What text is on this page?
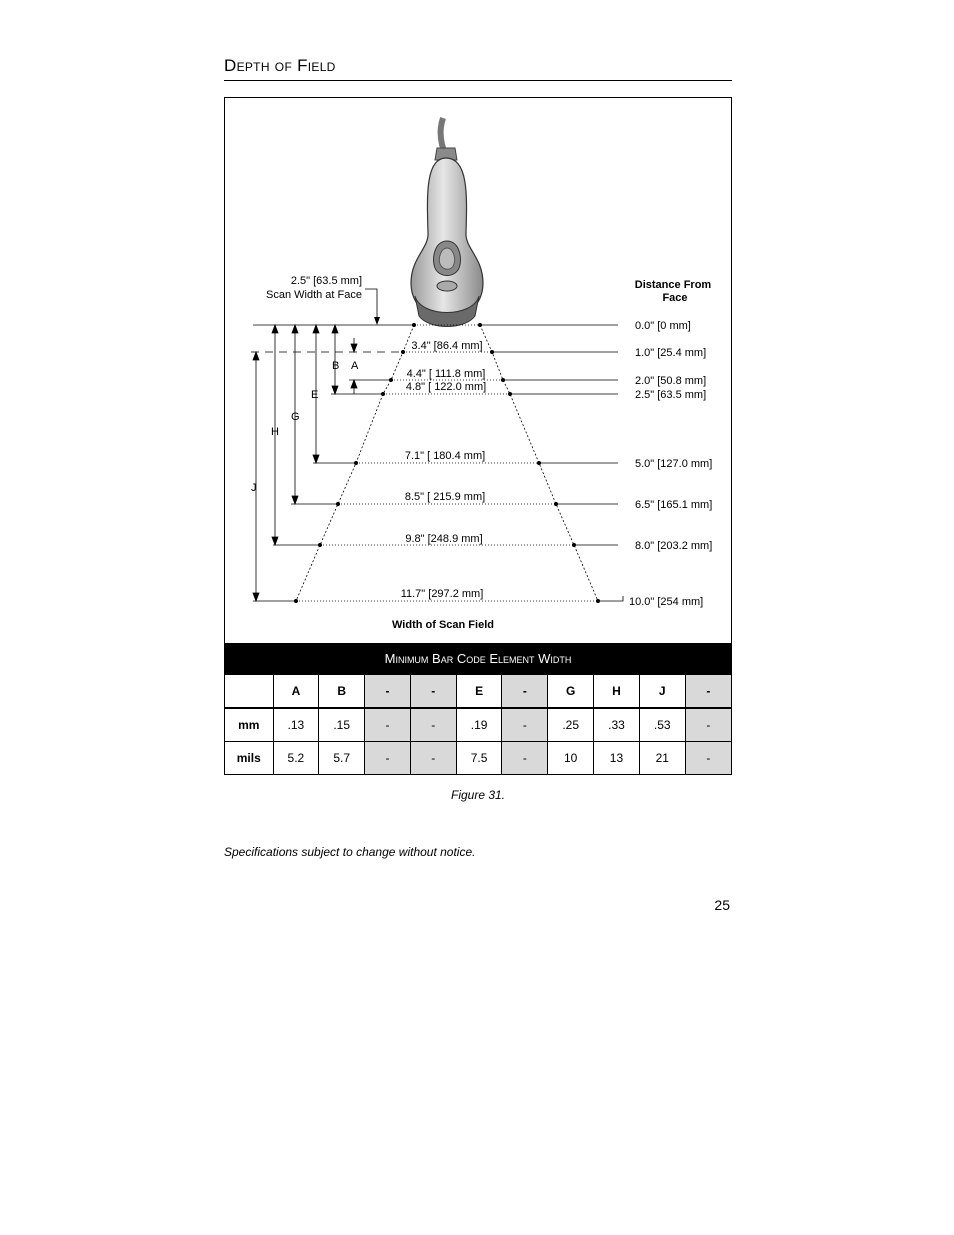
Depth of Field
2.5" [63.5 mm]
Scan Width at Face
Distance From
Face
A
B
E
G
H
J
3.4" [86.4 mm]
4.4" [ 111.8 mm]
4.8" [ 122.0 mm]
7.1" [ 180.4 mm]
8.5" [ 215.9 mm]
9.8" [248.9 mm]
11.7" [297.2 mm]
0.0" [0 mm]
1.0" [25.4 mm]
2.0" [50.8 mm]
2.5" [63.5 mm]
5.0" [127.0 mm]
6.5" [165.1 mm]
8.0" [203.2 mm]
10.0" [254 mm]
Width of Scan Field
Minimum Bar Code Element Width
	A	B	-	-	E	-	G	H	J	-
mm	.13	.15	-	-	.19	-	.25	.33	.53	-
mils	5.2	5.7	-	-	7.5	-	10	13	21	-
Figure 31.
Specifications subject to change without notice.
25
